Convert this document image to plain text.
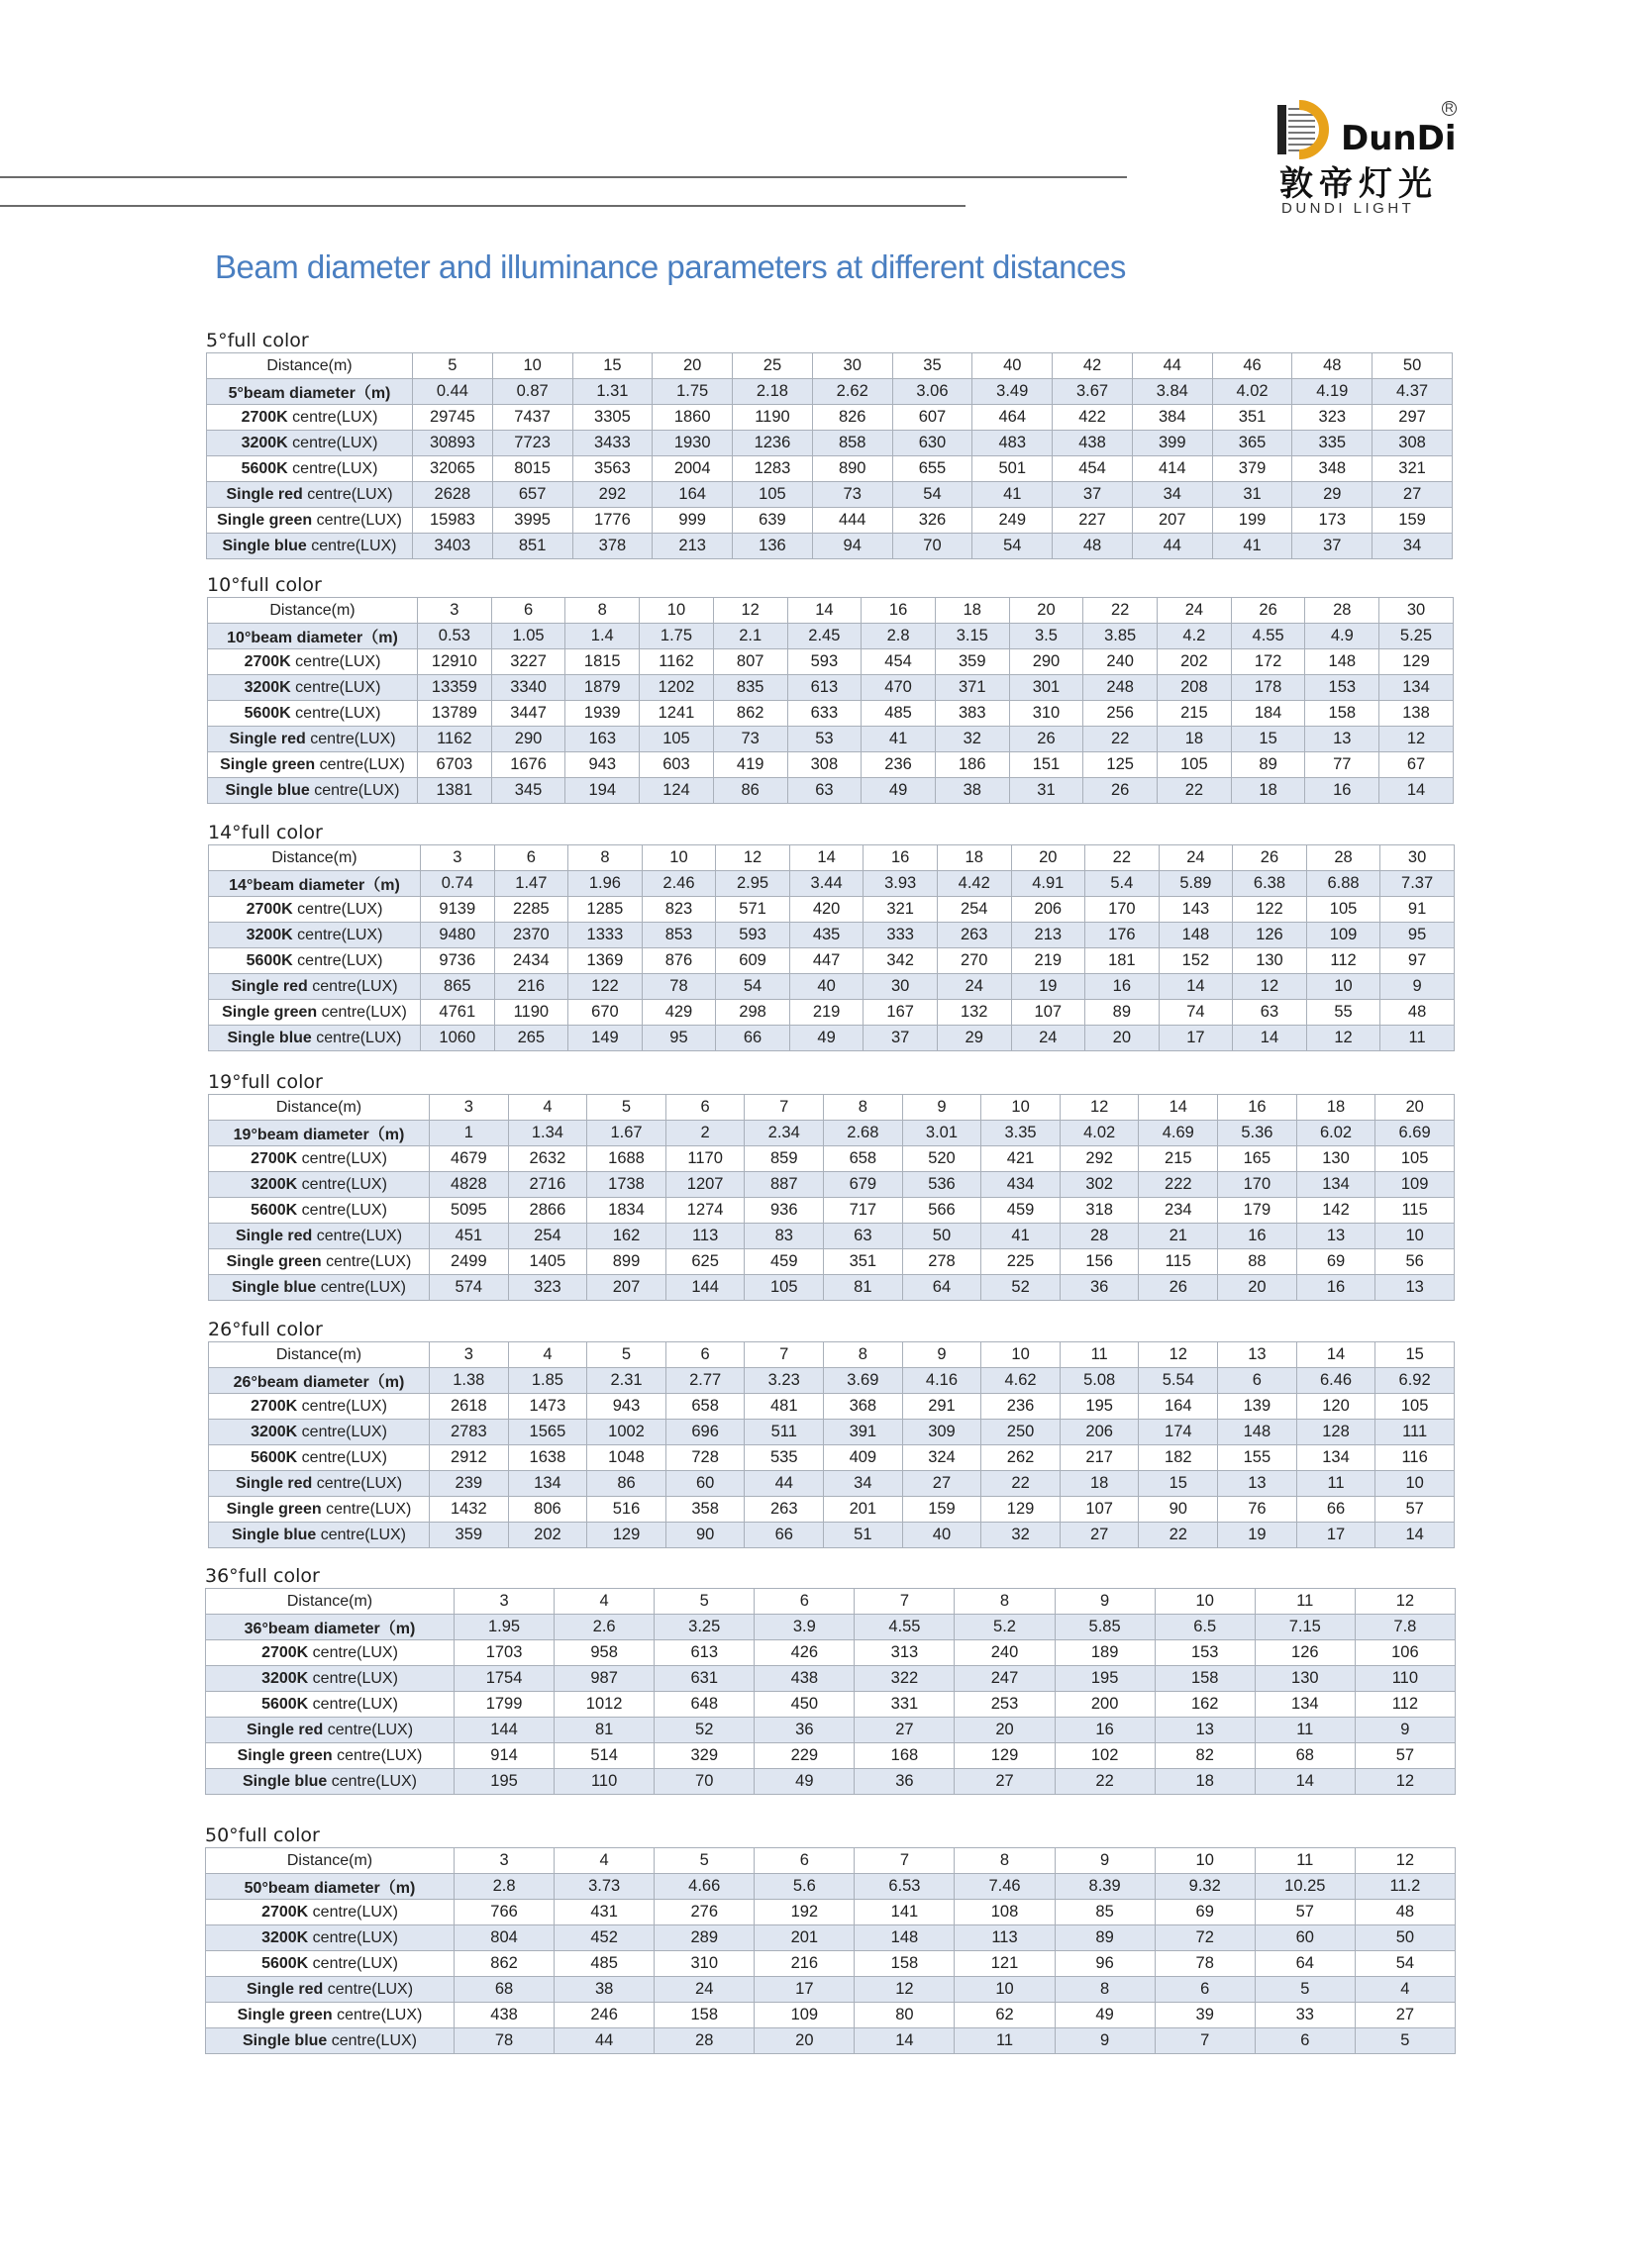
DunDi
R
敦帝灯光
DUNDI LIGHT
Beam diameter and illuminance parameters at different distances
5°full color
Distance(m)	5	10	15	20	25	30	35	40	42	44	46	48	50
5°beam diameter（m)	0.44	0.87	1.31	1.75	2.18	2.62	3.06	3.49	3.67	3.84	4.02	4.19	4.37
2700K centre(LUX)	29745	7437	3305	1860	1190	826	607	464	422	384	351	323	297
3200K centre(LUX)	30893	7723	3433	1930	1236	858	630	483	438	399	365	335	308
5600K centre(LUX)	32065	8015	3563	2004	1283	890	655	501	454	414	379	348	321
Single red centre(LUX)	2628	657	292	164	105	73	54	41	37	34	31	29	27
Single green centre(LUX)	15983	3995	1776	999	639	444	326	249	227	207	199	173	159
Single blue centre(LUX)	3403	851	378	213	136	94	70	54	48	44	41	37	34
10°full color
Distance(m)	3	6	8	10	12	14	16	18	20	22	24	26	28	30
10°beam diameter（m)	0.53	1.05	1.4	1.75	2.1	2.45	2.8	3.15	3.5	3.85	4.2	4.55	4.9	5.25
2700K centre(LUX)	12910	3227	1815	1162	807	593	454	359	290	240	202	172	148	129
3200K centre(LUX)	13359	3340	1879	1202	835	613	470	371	301	248	208	178	153	134
5600K centre(LUX)	13789	3447	1939	1241	862	633	485	383	310	256	215	184	158	138
Single red centre(LUX)	1162	290	163	105	73	53	41	32	26	22	18	15	13	12
Single green centre(LUX)	6703	1676	943	603	419	308	236	186	151	125	105	89	77	67
Single blue centre(LUX)	1381	345	194	124	86	63	49	38	31	26	22	18	16	14
14°full color
Distance(m)	3	6	8	10	12	14	16	18	20	22	24	26	28	30
14°beam diameter（m)	0.74	1.47	1.96	2.46	2.95	3.44	3.93	4.42	4.91	5.4	5.89	6.38	6.88	7.37
2700K centre(LUX)	9139	2285	1285	823	571	420	321	254	206	170	143	122	105	91
3200K centre(LUX)	9480	2370	1333	853	593	435	333	263	213	176	148	126	109	95
5600K centre(LUX)	9736	2434	1369	876	609	447	342	270	219	181	152	130	112	97
Single red centre(LUX)	865	216	122	78	54	40	30	24	19	16	14	12	10	9
Single green centre(LUX)	4761	1190	670	429	298	219	167	132	107	89	74	63	55	48
Single blue centre(LUX)	1060	265	149	95	66	49	37	29	24	20	17	14	12	11
19°full color
Distance(m)	3	4	5	6	7	8	9	10	12	14	16	18	20
19°beam diameter（m)	1	1.34	1.67	2	2.34	2.68	3.01	3.35	4.02	4.69	5.36	6.02	6.69
2700K centre(LUX)	4679	2632	1688	1170	859	658	520	421	292	215	165	130	105
3200K centre(LUX)	4828	2716	1738	1207	887	679	536	434	302	222	170	134	109
5600K centre(LUX)	5095	2866	1834	1274	936	717	566	459	318	234	179	142	115
Single red centre(LUX)	451	254	162	113	83	63	50	41	28	21	16	13	10
Single green centre(LUX)	2499	1405	899	625	459	351	278	225	156	115	88	69	56
Single blue centre(LUX)	574	323	207	144	105	81	64	52	36	26	20	16	13
26°full color
Distance(m)	3	4	5	6	7	8	9	10	11	12	13	14	15
26°beam diameter（m)	1.38	1.85	2.31	2.77	3.23	3.69	4.16	4.62	5.08	5.54	6	6.46	6.92
2700K centre(LUX)	2618	1473	943	658	481	368	291	236	195	164	139	120	105
3200K centre(LUX)	2783	1565	1002	696	511	391	309	250	206	174	148	128	111
5600K centre(LUX)	2912	1638	1048	728	535	409	324	262	217	182	155	134	116
Single red centre(LUX)	239	134	86	60	44	34	27	22	18	15	13	11	10
Single green centre(LUX)	1432	806	516	358	263	201	159	129	107	90	76	66	57
Single blue centre(LUX)	359	202	129	90	66	51	40	32	27	22	19	17	14
36°full color
Distance(m)	3	4	5	6	7	8	9	10	11	12
36°beam diameter（m)	1.95	2.6	3.25	3.9	4.55	5.2	5.85	6.5	7.15	7.8
2700K centre(LUX)	1703	958	613	426	313	240	189	153	126	106
3200K centre(LUX)	1754	987	631	438	322	247	195	158	130	110
5600K centre(LUX)	1799	1012	648	450	331	253	200	162	134	112
Single red centre(LUX)	144	81	52	36	27	20	16	13	11	9
Single green centre(LUX)	914	514	329	229	168	129	102	82	68	57
Single blue centre(LUX)	195	110	70	49	36	27	22	18	14	12
50°full color
Distance(m)	3	4	5	6	7	8	9	10	11	12
50°beam diameter（m)	2.8	3.73	4.66	5.6	6.53	7.46	8.39	9.32	10.25	11.2
2700K centre(LUX)	766	431	276	192	141	108	85	69	57	48
3200K centre(LUX)	804	452	289	201	148	113	89	72	60	50
5600K centre(LUX)	862	485	310	216	158	121	96	78	64	54
Single red centre(LUX)	68	38	24	17	12	10	8	6	5	4
Single green centre(LUX)	438	246	158	109	80	62	49	39	33	27
Single blue centre(LUX)	78	44	28	20	14	11	9	7	6	5
